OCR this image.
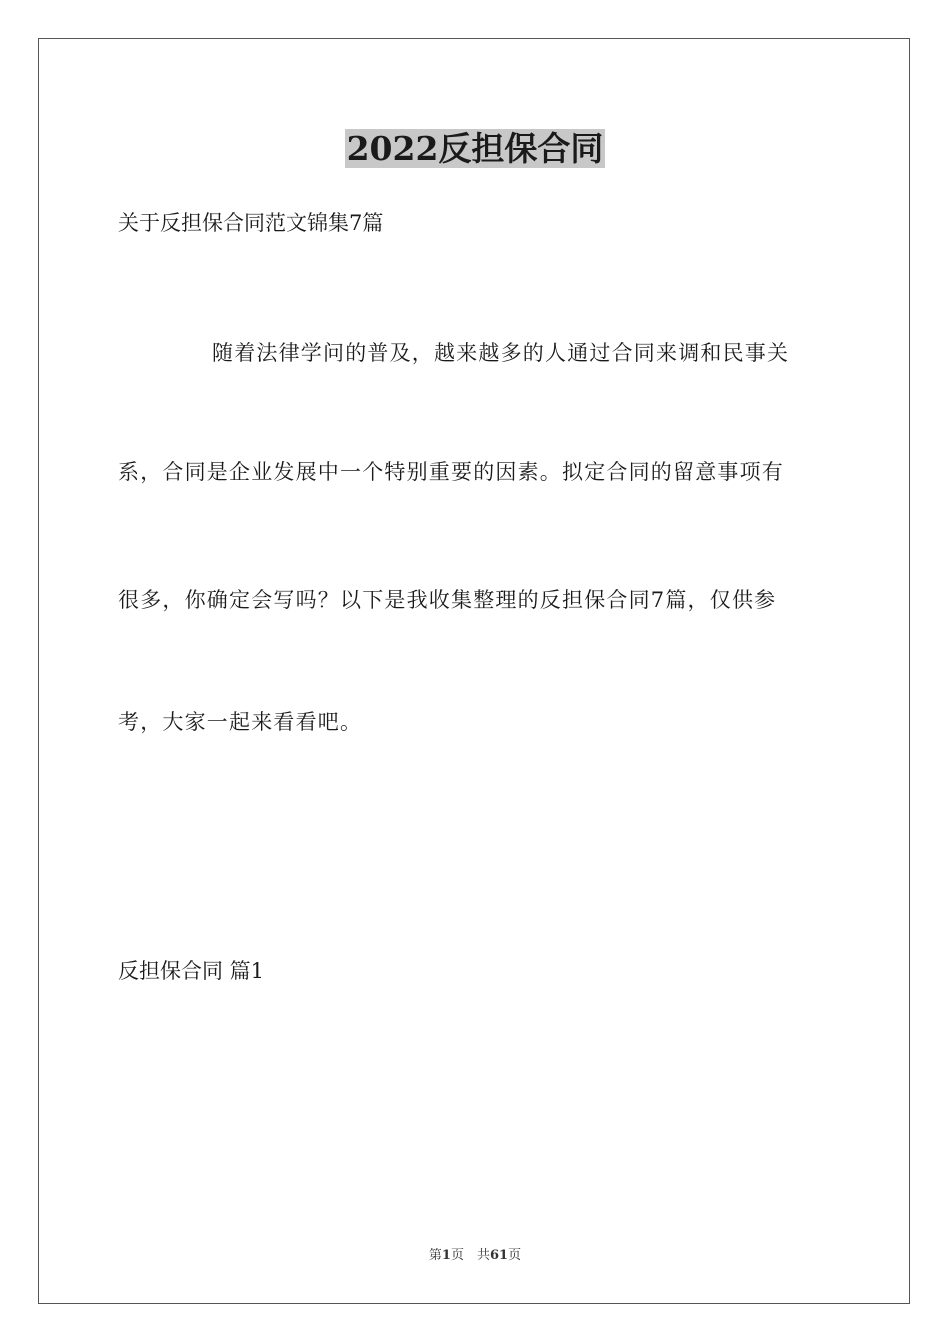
2022反担保合同
关于反担保合同范文锦集7篇
随着法律学问的普及，越来越多的人通过合同来调和民事关
系，合同是企业发展中一个特别重要的因素。拟定合同的留意事项有
很多，你确定会写吗？以下是我收集整理的反担保合同7篇，仅供参
考，大家一起来看看吧。
反担保合同 篇1
第1页　共61页
